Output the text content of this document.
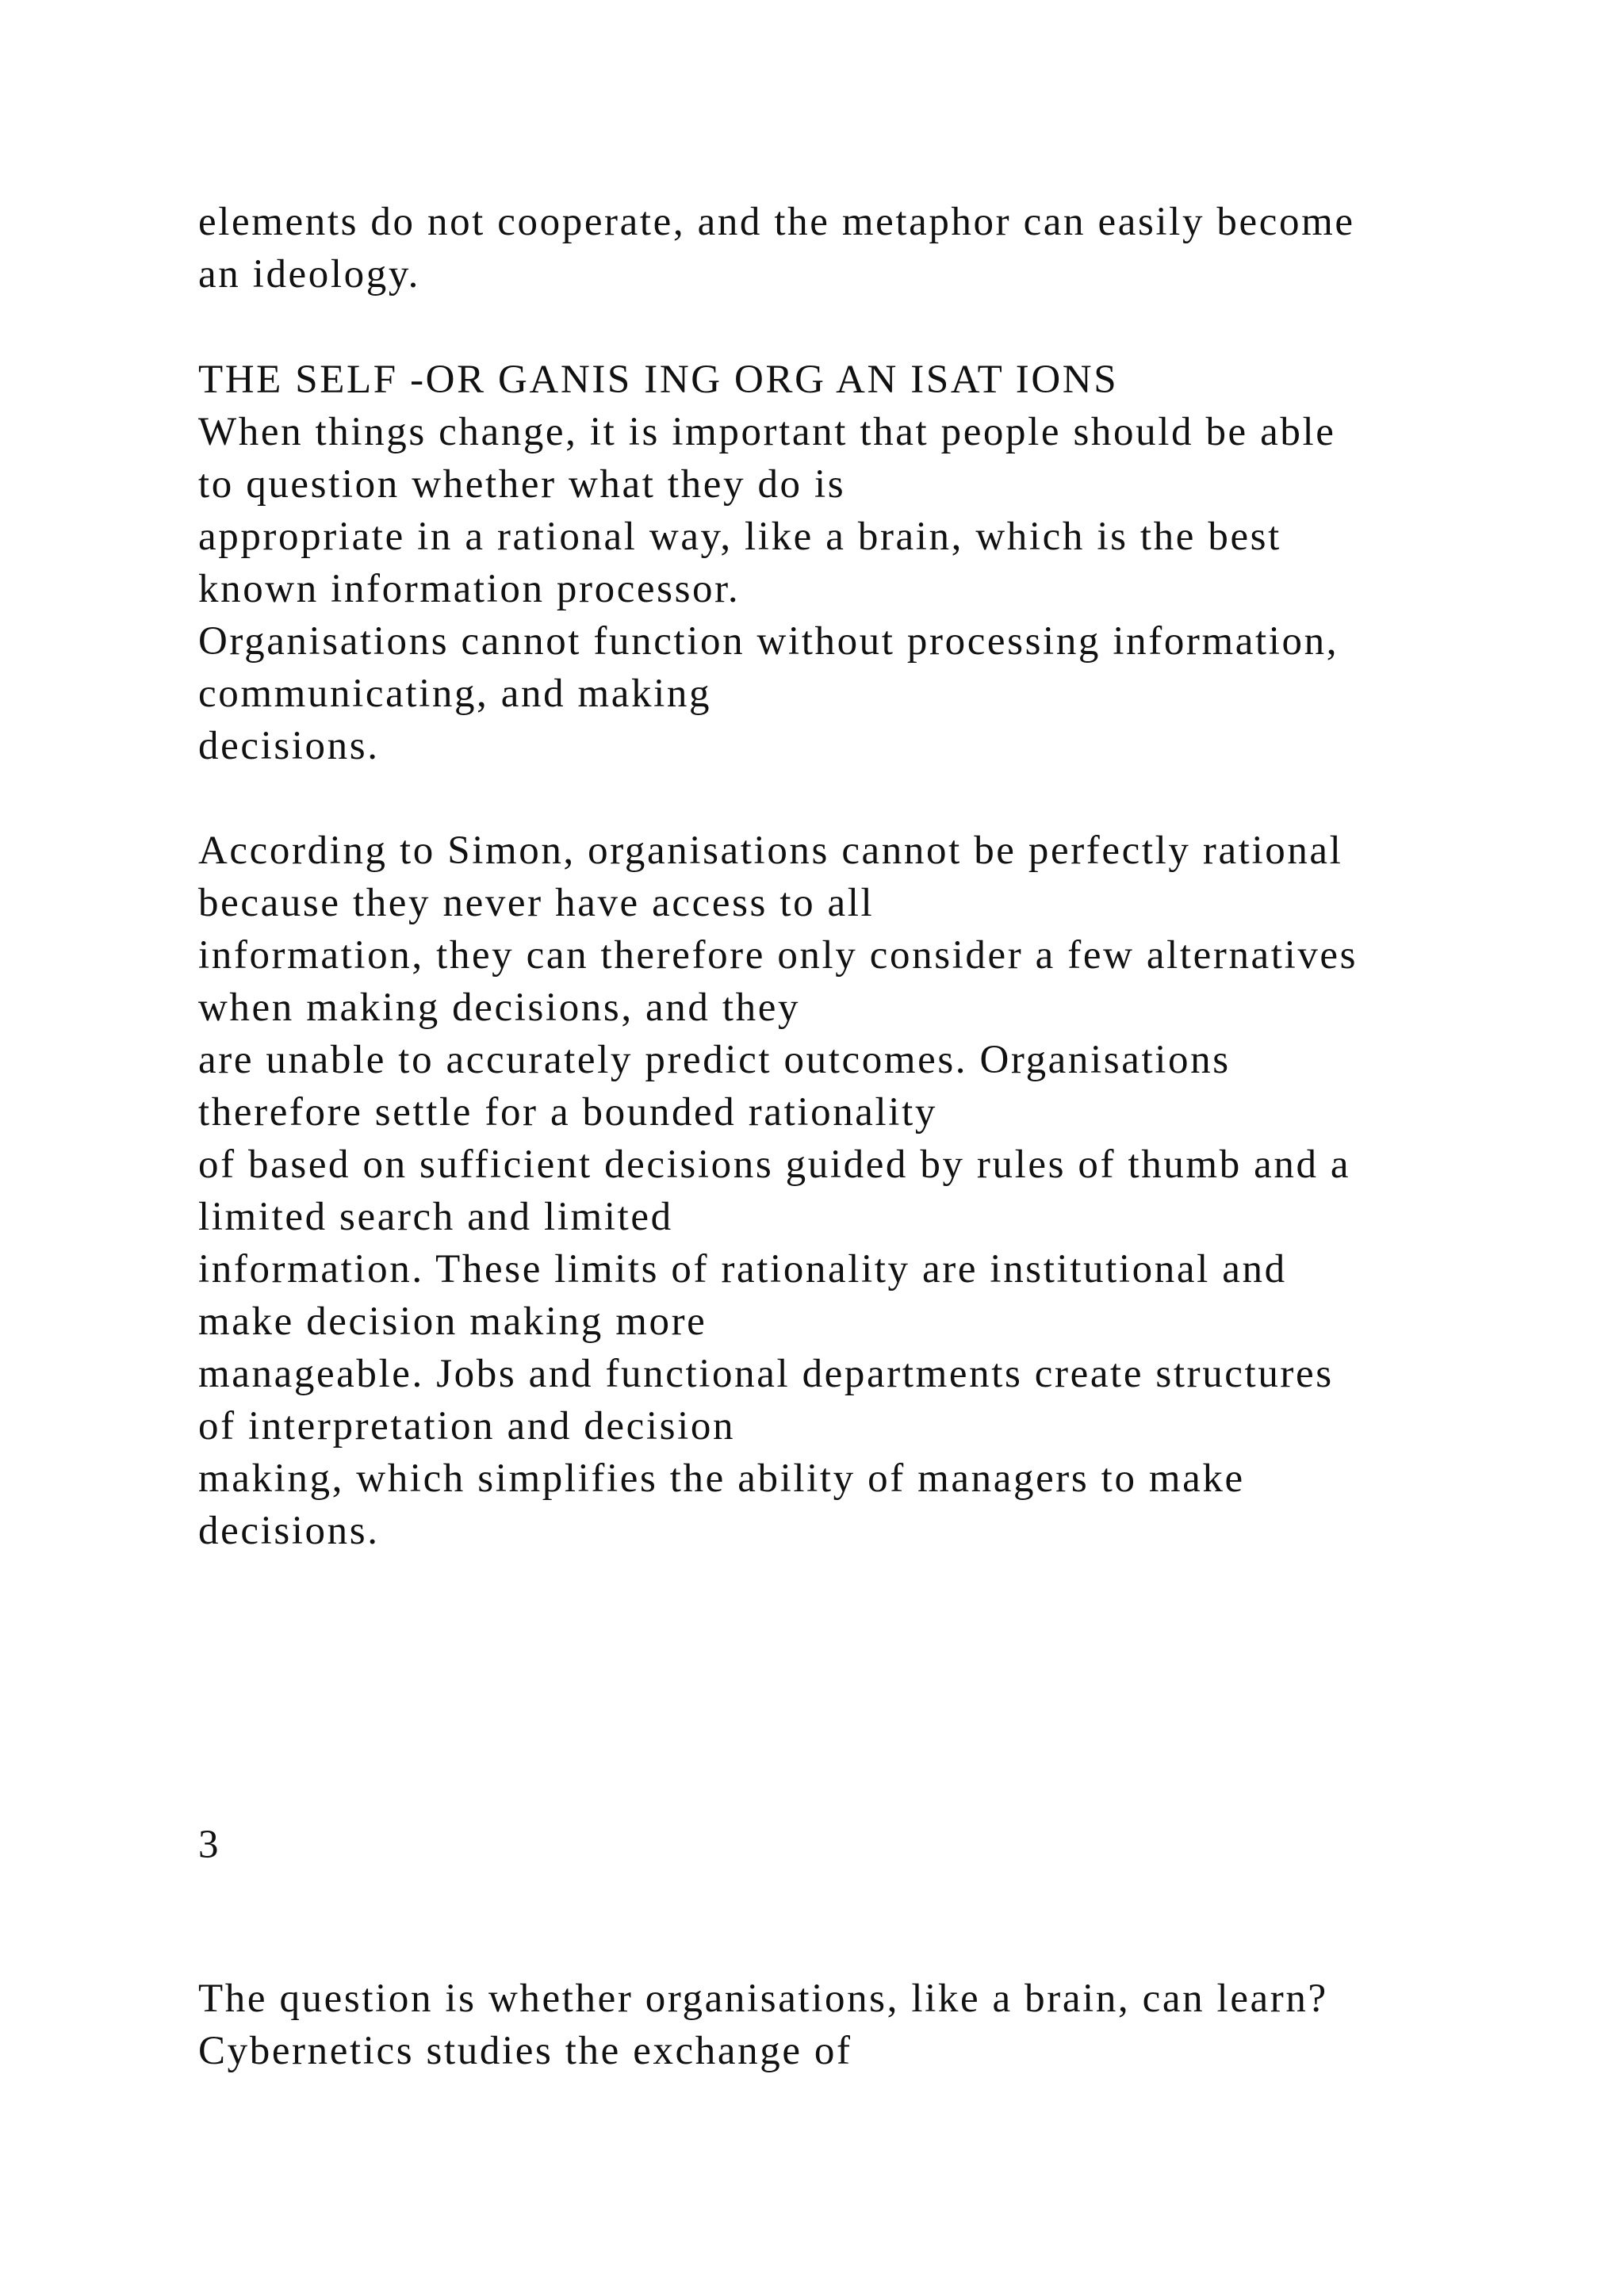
elements do not cooperate, and the metaphor can easily become
an ideology.
THE SELF -OR GANIS ING ORG AN ISAT IONS
When things change, it is important that people should be able
to question whether what they do is
appropriate in a rational way, like a brain, which is the best
known information processor.
Organisations cannot function without processing information,
communicating, and making
decisions.
According to Simon, organisations cannot be perfectly rational
because they never have access to all
information, they can therefore only consider a few alternatives
when making decisions, and they
are unable to accurately predict outcomes. Organisations
therefore settle for a bounded rationality
of based on sufficient decisions guided by rules of thumb and a
limited search and limited
information. These limits of rationality are institutional and
make decision making more
manageable. Jobs and functional departments create structures
of interpretation and decision
making, which simplifies the ability of managers to make
decisions.
3
The question is whether organisations, like a brain, can learn?
Cybernetics studies the exchange of
